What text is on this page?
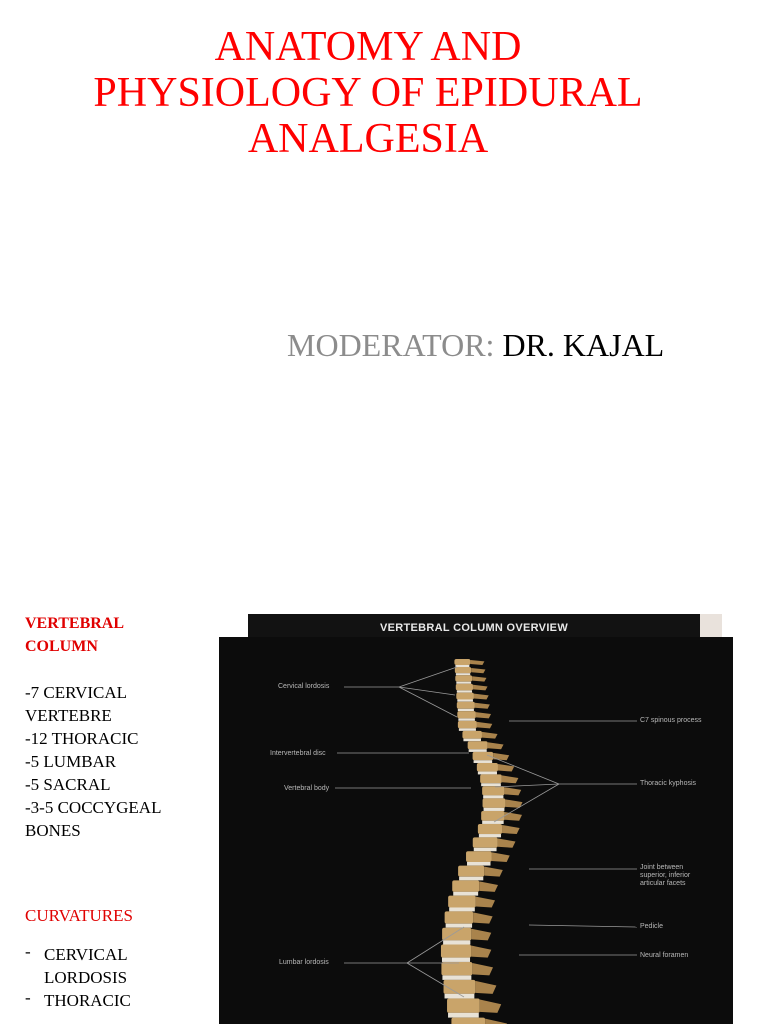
ANATOMY AND
PHYSIOLOGY OF EPIDURAL
ANALGESIA
MODERATOR: DR. KAJAL
VERTEBRAL
COLUMN
-7 CERVICAL
VERTEBRE
-12 THORACIC
-5 LUMBAR
-5 SACRAL
-3-5 COCCYGEAL
BONES
CURVATURES
- CERVICAL
LORDOSIS
- THORACIC
VERTEBRAL COLUMN OVERVIEW
Cervical lordosis
Intervertebral disc
Vertebral body
Lumbar lordosis
C7 spinous process
Thoracic kyphosis
Joint between
superior, inferior
articular facets
Pedicle
Neural foramen
